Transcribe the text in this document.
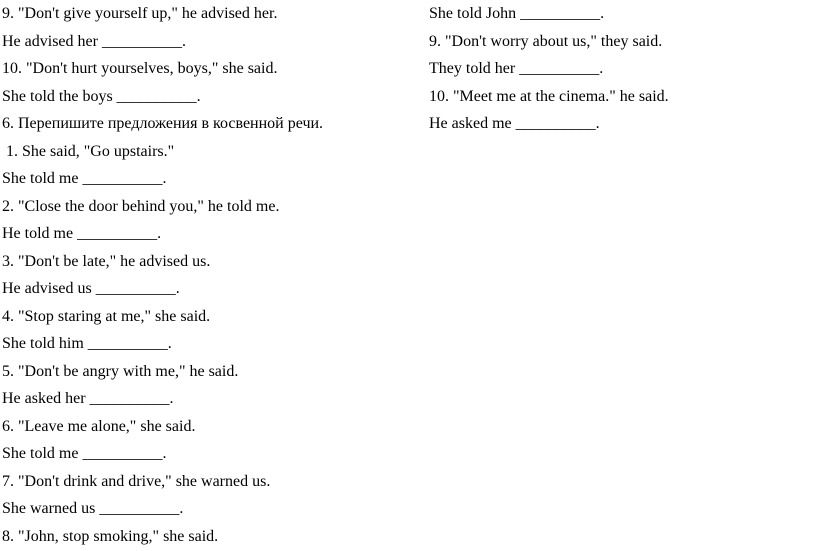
9. "Don't give yourself up," he advised her.
He advised her __________.
10. "Don't hurt yourselves, boys," she said.
She told the boys __________.
6. Перепишите предложения в косвенной речи.
1. She said, "Go upstairs."
She told me __________.
2. "Close the door behind you," he told me.
He told me __________.
3. "Don't be late," he advised us.
He advised us __________.
4. "Stop staring at me," she said.
She told him __________.
5. "Don't be angry with me," he said.
He asked her __________.
6. "Leave me alone," she said.
She told me __________.
7. "Don't drink and drive," she warned us.
She warned us __________.
8. "John, stop smoking," she said.
She told John __________.
9. "Don't worry about us," they said.
They told her __________.
10. "Meet me at the cinema." he said.
He asked me __________.
